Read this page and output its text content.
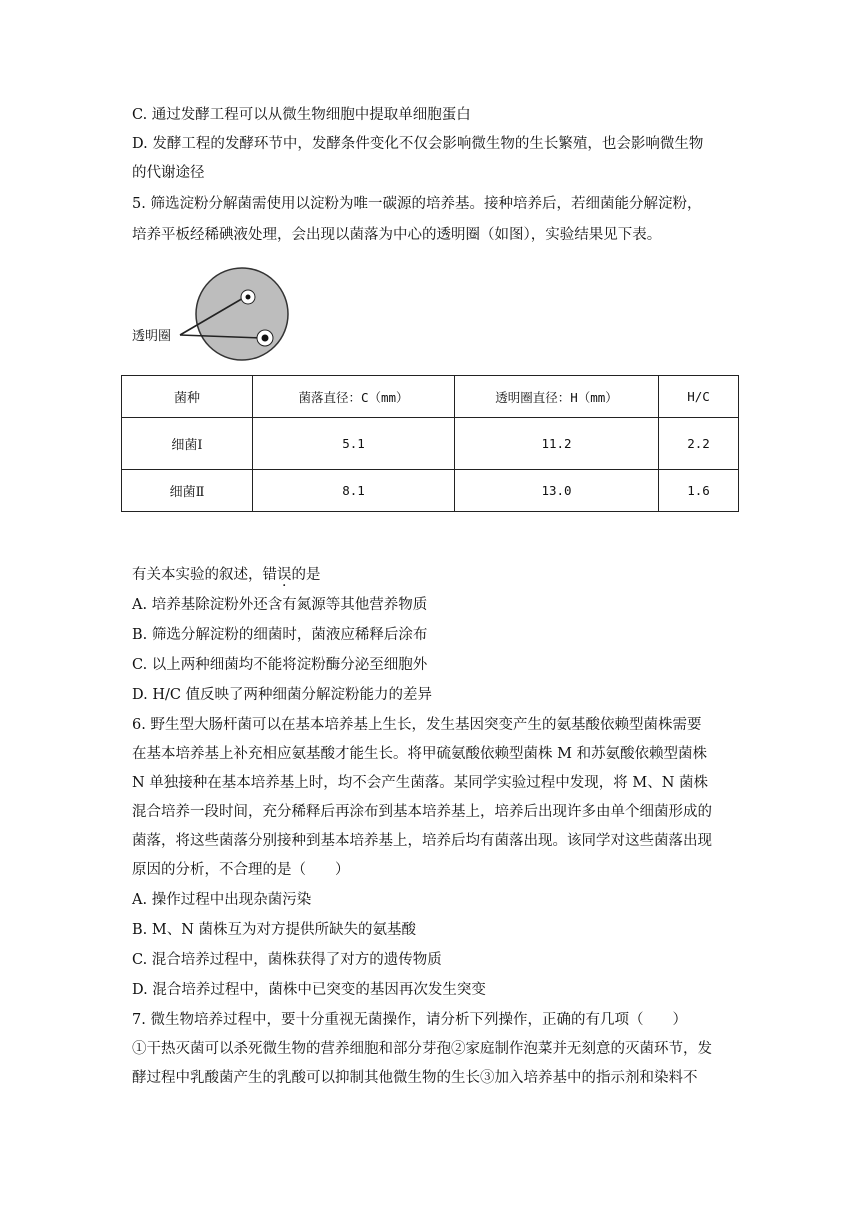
C. 通过发酵工程可以从微生物细胞中提取单细胞蛋白
D. 发酵工程的发酵环节中，发酵条件变化不仅会影响微生物的生长繁殖，也会影响微生物
的代谢途径
5. 筛选淀粉分解菌需使用以淀粉为唯一碳源的培养基。接种培养后，若细菌能分解淀粉，
培养平板经稀碘液处理，会出现以菌落为中心的透明圈（如图），实验结果见下表。
透明圈
菌种	菌落直径：C（mm）	透明圈直径：H（mm）	H/C
细菌Ⅰ	5.1	11.2	2.2
细菌Ⅱ	8.1	13.0	1.6
有关本实验的叙述，错误的是
A. 培养基除淀粉外还含有氮源等其他营养物质
B. 筛选分解淀粉的细菌时，菌液应稀释后涂布
C. 以上两种细菌均不能将淀粉酶分泌至细胞外
D. H/C 值反映了两种细菌分解淀粉能力的差异
6. 野生型大肠杆菌可以在基本培养基上生长，发生基因突变产生的氨基酸依赖型菌株需要
在基本培养基上补充相应氨基酸才能生长。将甲硫氨酸依赖型菌株 M 和苏氨酸依赖型菌株
N 单独接种在基本培养基上时，均不会产生菌落。某同学实验过程中发现，将 M、N 菌株
混合培养一段时间，充分稀释后再涂布到基本培养基上，培养后出现许多由单个细菌形成的
菌落，将这些菌落分别接种到基本培养基上，培养后均有菌落出现。该同学对这些菌落出现
原因的分析，不合理的是（　　）
A. 操作过程中出现杂菌污染
B. M、N 菌株互为对方提供所缺失的氨基酸
C. 混合培养过程中，菌株获得了对方的遗传物质
D. 混合培养过程中，菌株中已突变的基因再次发生突变
7. 微生物培养过程中，要十分重视无菌操作，请分析下列操作，正确的有几项（　　）
①干热灭菌可以杀死微生物的营养细胞和部分芽孢②家庭制作泡菜并无刻意的灭菌环节，发
酵过程中乳酸菌产生的乳酸可以抑制其他微生物的生长③加入培养基中的指示剂和染料不
